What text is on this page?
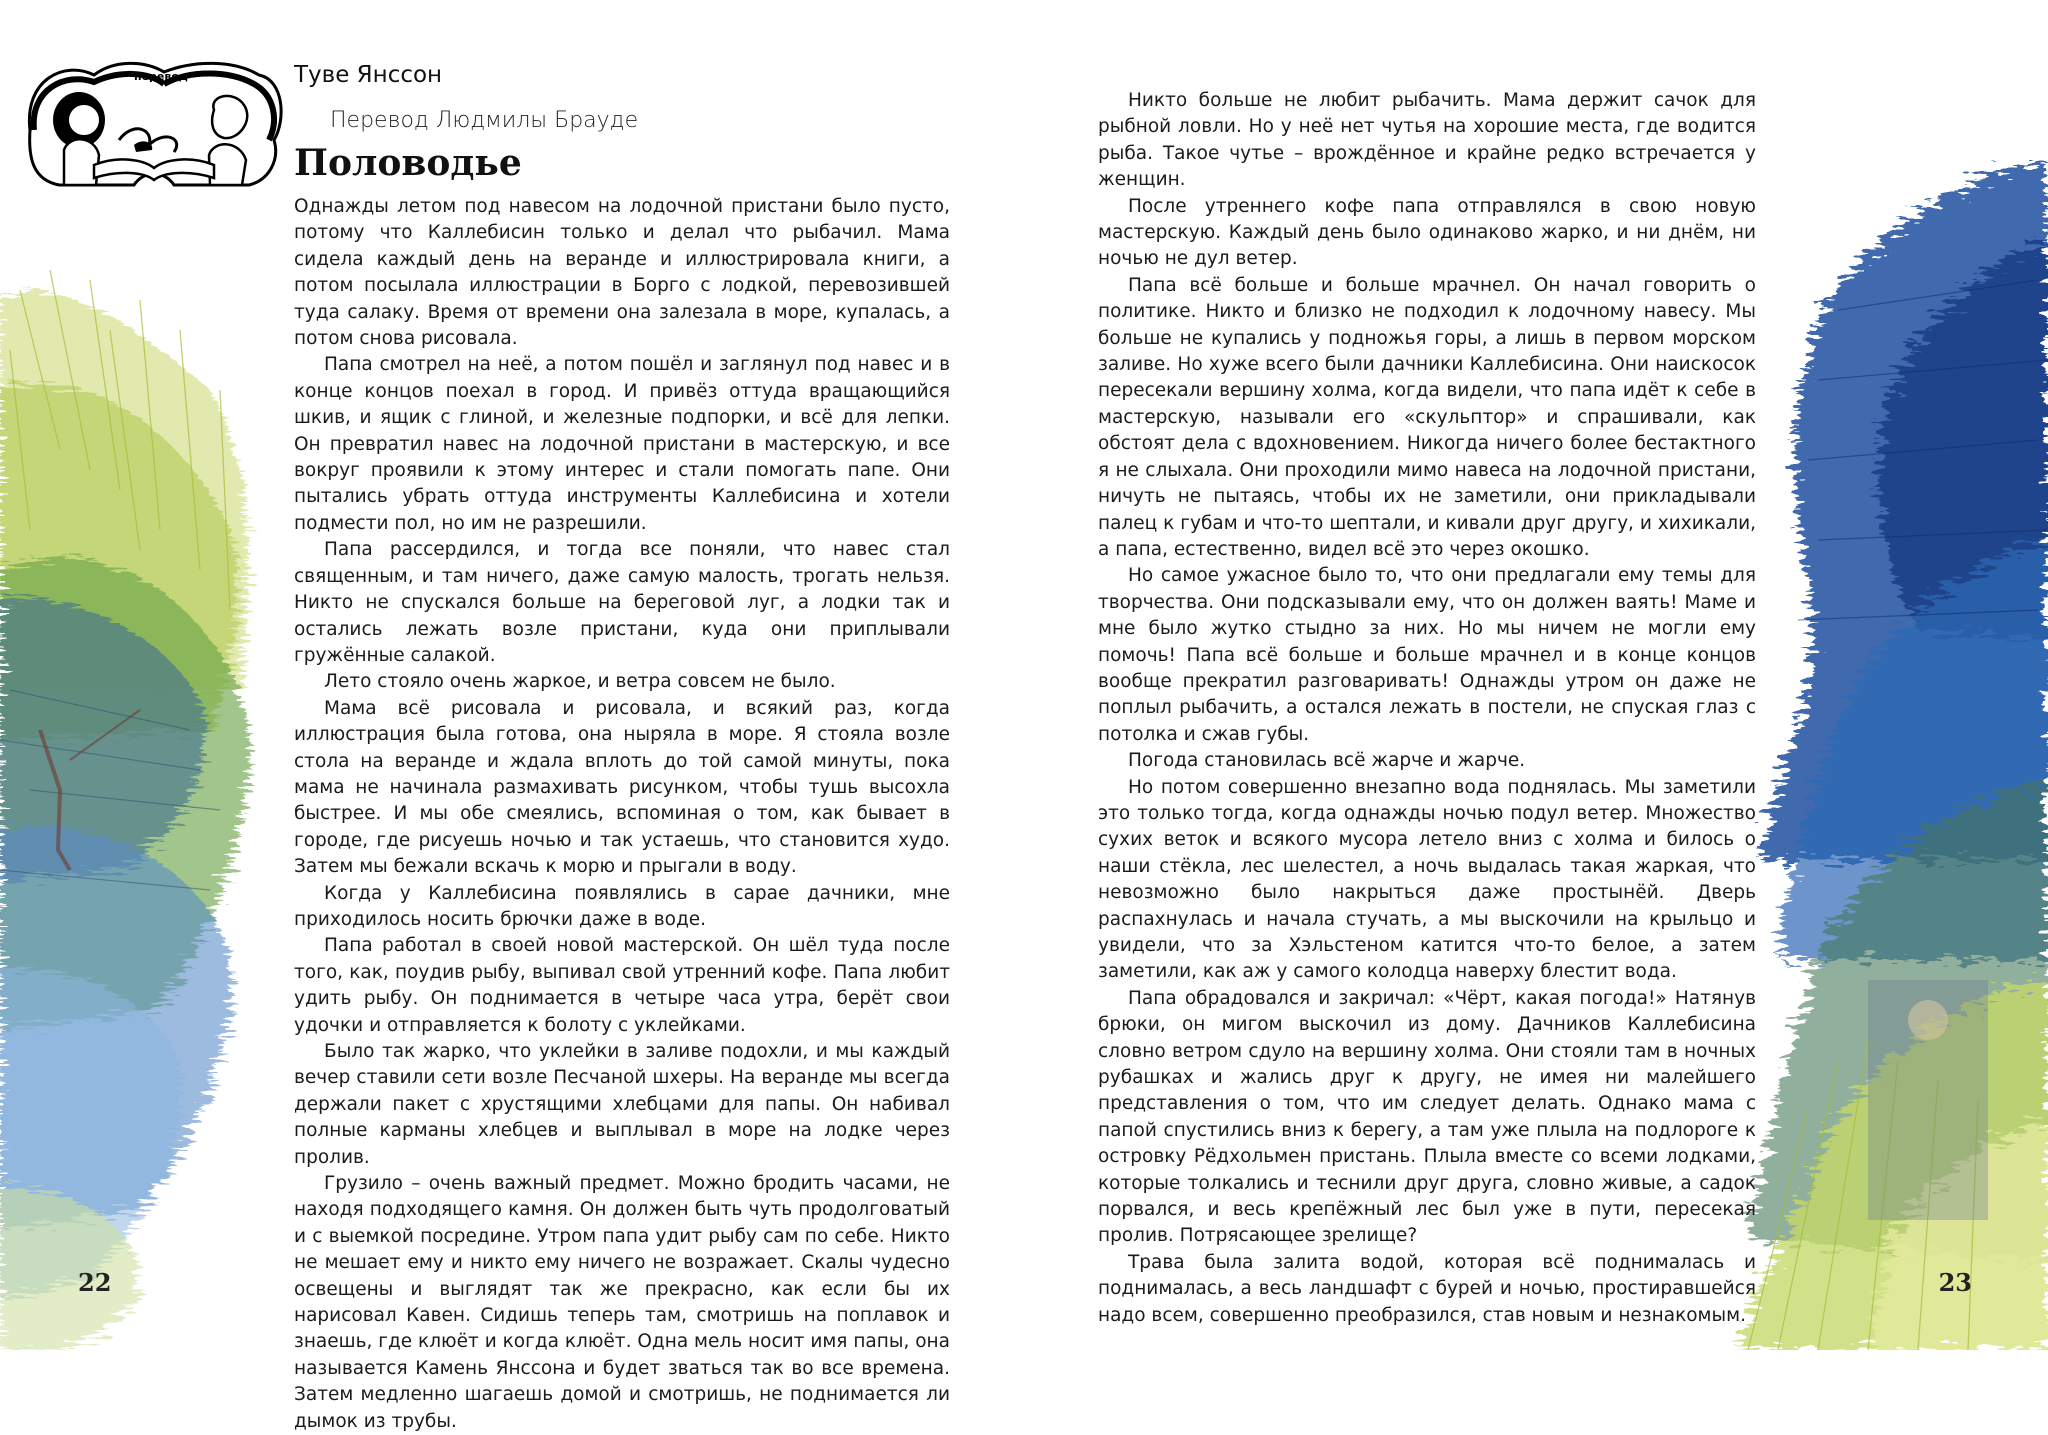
перевод	Туве Янссон
Перевод Людмилы Брауде
Половодье

Однажды летом под навесом на лодочной пристани было пусто, потому что Каллебисин только и делал что рыбачил. Мама сидела каждый день на веранде и иллюстрировала книги, а потом посылала иллюстрации в Борго с лодкой, перевозившей туда салаку. Время от времени она залезала в море, купалась, а потом снова рисовала.

Папа смотрел на неё, а потом пошёл и заглянул под навес и в конце концов поехал в город. И привёз оттуда вращающийся шкив, и ящик с глиной, и железные подпорки, и всё для лепки. Он превратил навес на лодочной пристани в мастерскую, и все вокруг проявили к этому интерес и стали помогать папе. Они пытались убрать оттуда инструменты Каллебисина и хотели подмести пол, но им не разрешили.

Папа рассердился, и тогда все поняли, что навес стал священным, и там ничего, даже самую малость, трогать нельзя. Никто не спускался больше на береговой луг, а лодки так и остались лежать возле пристани, куда они приплывали гружённые салакой.

Лето стояло очень жаркое, и ветра совсем не было.

Мама всё рисовала и рисовала, и всякий раз, когда иллюстрация была готова, она ныряла в море. Я стояла возле стола на веранде и ждала вплоть до той самой минуты, пока мама не начинала размахивать рисунком, чтобы тушь высохла быстрее. И мы обе смеялись, вспоминая о том, как бывает в городе, где рисуешь ночью и так устаешь, что становится худо. Затем мы бежали вскачь к морю и прыгали в воду.

Когда у Каллебисина появлялись в сарае дачники, мне приходилось носить брючки даже в воде.

Папа работал в своей новой мастерской. Он шёл туда после того, как, поудив рыбу, выпивал свой утренний кофе. Папа любит удить рыбу. Он поднимается в четыре часа утра, берёт свои удочки и отправляется к болоту с уклейками.

Было так жарко, что уклейки в заливе подохли, и мы каждый вечер ставили сети возле Песчаной шхеры. На веранде мы всегда держали пакет с хрустящими хлебцами для папы. Он набивал полные карманы хлебцев и выплывал в море на лодке через пролив.

Грузило – очень важный предмет. Можно бродить часами, не находя подходящего камня. Он должен быть чуть продолговатый и с выемкой посредине. Утром папа удит рыбу сам по себе. Никто не мешает ему и никто ему ничего не возражает. Скалы чудесно освещены и выглядят так же прекрасно, как если бы их нарисовал Кавен. Сидишь теперь там, смотришь на поплавок и знаешь, где клюёт и когда клюёт. Одна мель носит имя папы, она называется Камень Янссона и будет зваться так во все времена. Затем медленно шагаешь домой и смотришь, не поднимается ли дымок из трубы.

Никто больше не любит рыбачить. Мама держит сачок для рыбной ловли. Но у неё нет чутья на хорошие места, где водится рыба. Такое чутье – врождённое и крайне редко встречается у женщин.

После утреннего кофе папа отправлялся в свою новую мастерскую. Каждый день было одинаково жарко, и ни днём, ни ночью не дул ветер.

Папа всё больше и больше мрачнел. Он начал говорить о политике. Никто и близко не подходил к лодочному навесу. Мы больше не купались у подножья горы, а лишь в первом морском заливе. Но хуже всего были дачники Каллебисина. Они наискосок пересекали вершину холма, когда видели, что папа идёт к себе в мастерскую, называли его «скульптор» и спрашивали, как обстоят дела с вдохновением. Никогда ничего более бестактного я не слыхала. Они проходили мимо навеса на лодочной пристани, ничуть не пытаясь, чтобы их не заметили, они прикладывали палец к губам и что-то шептали, и кивали друг другу, и хихикали, а папа, естественно, видел всё это через окошко.

Но самое ужасное было то, что они предлагали ему темы для творчества. Они подсказывали ему, что он должен ваять! Маме и мне было жутко стыдно за них. Но мы ничем не могли ему помочь! Папа всё больше и больше мрачнел и в конце концов вообще прекратил разговаривать! Однажды утром он даже не поплыл рыбачить, а остался лежать в постели, не спуская глаз с потолка и сжав губы.

Погода становилась всё жарче и жарче.

Но потом совершенно внезапно вода поднялась. Мы заметили это только тогда, когда однажды ночью подул ветер. Множество сухих веток и всякого мусора летело вниз с холма и билось о наши стёкла, лес шелестел, а ночь выдалась такая жаркая, что невозможно было накрыться даже простынёй. Дверь распахнулась и начала стучать, а мы выскочили на крыльцо и увидели, что за Хэльстеном катится что-то белое, а затем заметили, как аж у самого колодца наверху блестит вода.

Папа обрадовался и закричал: «Чёрт, какая погода!» Натянув брюки, он мигом выскочил из дому. Дачников Каллебисина словно ветром сдуло на вершину холма. Они стояли там в ночных рубашках и жались друг к другу, не имея ни малейшего представления о том, что им следует делать. Однако мама с папой спустились вниз к берегу, а там уже плыла на подлороге к островку Рёдхольмен пристань. Плыла вместе со всеми лодками, которые толкались и теснили друг друга, словно живые, а садок порвался, и весь крепёжный лес был уже в пути, пересекая пролив. Потрясающее зрелище?

Трава была залита водой, которая всё поднималась и поднималась, а весь ландшафт с бурей и ночью, простиравшейся надо всем, совершенно преобразился, став новым и незнакомым.

22	23
